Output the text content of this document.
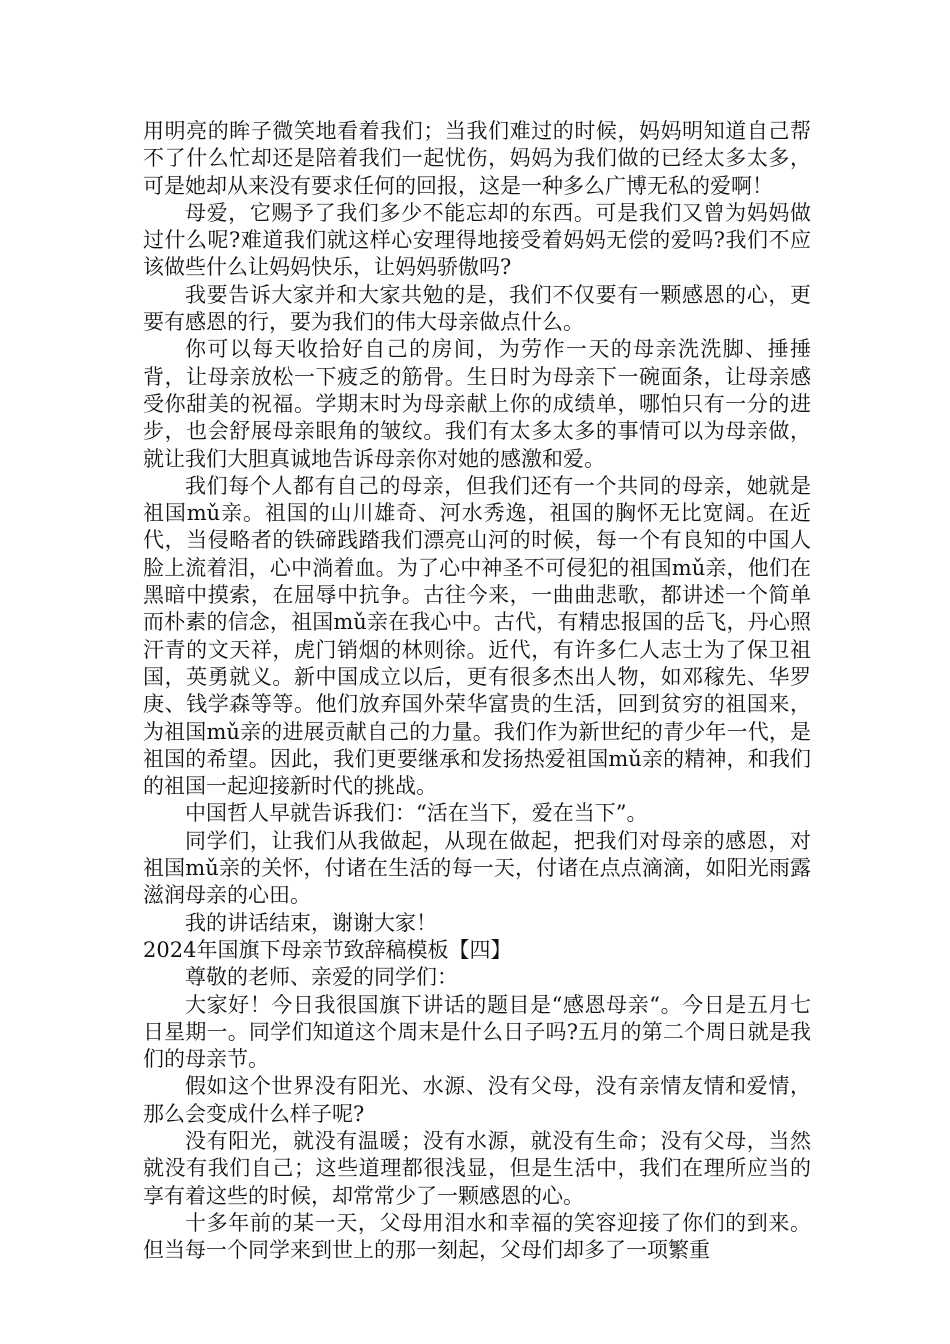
用明亮的眸子微笑地看着我们；当我们难过的时候，妈妈明知道自己帮不了什么忙却还是陪着我们一起忧伤，妈妈为我们做的已经太多太多，可是她却从来没有要求任何的回报，这是一种多么广博无私的爱啊！

母爱，它赐予了我们多少不能忘却的东西。可是我们又曾为妈妈做过什么呢?难道我们就这样心安理得地接受着妈妈无偿的爱吗?我们不应该做些什么让妈妈快乐，让妈妈骄傲吗?

我要告诉大家并和大家共勉的是，我们不仅要有一颗感恩的心，更要有感恩的行，要为我们的伟大母亲做点什么。

你可以每天收拾好自己的房间，为劳作一天的母亲洗洗脚、捶捶背，让母亲放松一下疲乏的筋骨。生日时为母亲下一碗面条，让母亲感受你甜美的祝福。学期末时为母亲献上你的成绩单，哪怕只有一分的进步，也会舒展母亲眼角的皱纹。我们有太多太多的事情可以为母亲做，就让我们大胆真诚地告诉母亲你对她的感激和爱。

我们每个人都有自己的母亲，但我们还有一个共同的母亲，她就是祖国mǔ亲。祖国的山川雄奇、河水秀逸，祖国的胸怀无比宽阔。在近代，当侵略者的铁碲践踏我们漂亮山河的时候，每一个有良知的中国人脸上流着泪，心中淌着血。为了心中神圣不可侵犯的祖国mǔ亲，他们在黑暗中摸索，在屈辱中抗争。古往今来，一曲曲悲歌，都讲述一个简单而朴素的信念，祖国mǔ亲在我心中。古代，有精忠报国的岳飞，丹心照汗青的文天祥，虎门销烟的林则徐。近代，有许多仁人志士为了保卫祖国，英勇就义。新中国成立以后，更有很多杰出人物，如邓稼先、华罗庚、钱学森等等。他们放弃国外荣华富贵的生活，回到贫穷的祖国来，为祖国mǔ亲的进展贡献自己的力量。我们作为新世纪的青少年一代，是祖国的希望。因此，我们更要继承和发扬热爱祖国mǔ亲的精神，和我们的祖国一起迎接新时代的挑战。

中国哲人早就告诉我们：“活在当下，爱在当下”。

同学们，让我们从我做起，从现在做起，把我们对母亲的感恩，对祖国mǔ亲的关怀，付诸在生活的每一天，付诸在点点滴滴，如阳光雨露滋润母亲的心田。

我的讲话结束，谢谢大家！

2024年国旗下母亲节致辞稿模板【四】

尊敬的老师、亲爱的同学们：

大家好！今日我很国旗下讲话的题目是“感恩母亲“。今日是五月七日星期一。同学们知道这个周末是什么日子吗?五月的第二个周日就是我们的母亲节。

假如这个世界没有阳光、水源、没有父母，没有亲情友情和爱情，那么会变成什么样子呢?

没有阳光，就没有温暖；没有水源，就没有生命；没有父母，当然就没有我们自己；这些道理都很浅显，但是生活中，我们在理所应当的享有着这些的时候，却常常少了一颗感恩的心。

十多年前的某一天，父母用泪水和幸福的笑容迎接了你们的到来。但当每一个同学来到世上的那一刻起，父母们却多了一项繁重
